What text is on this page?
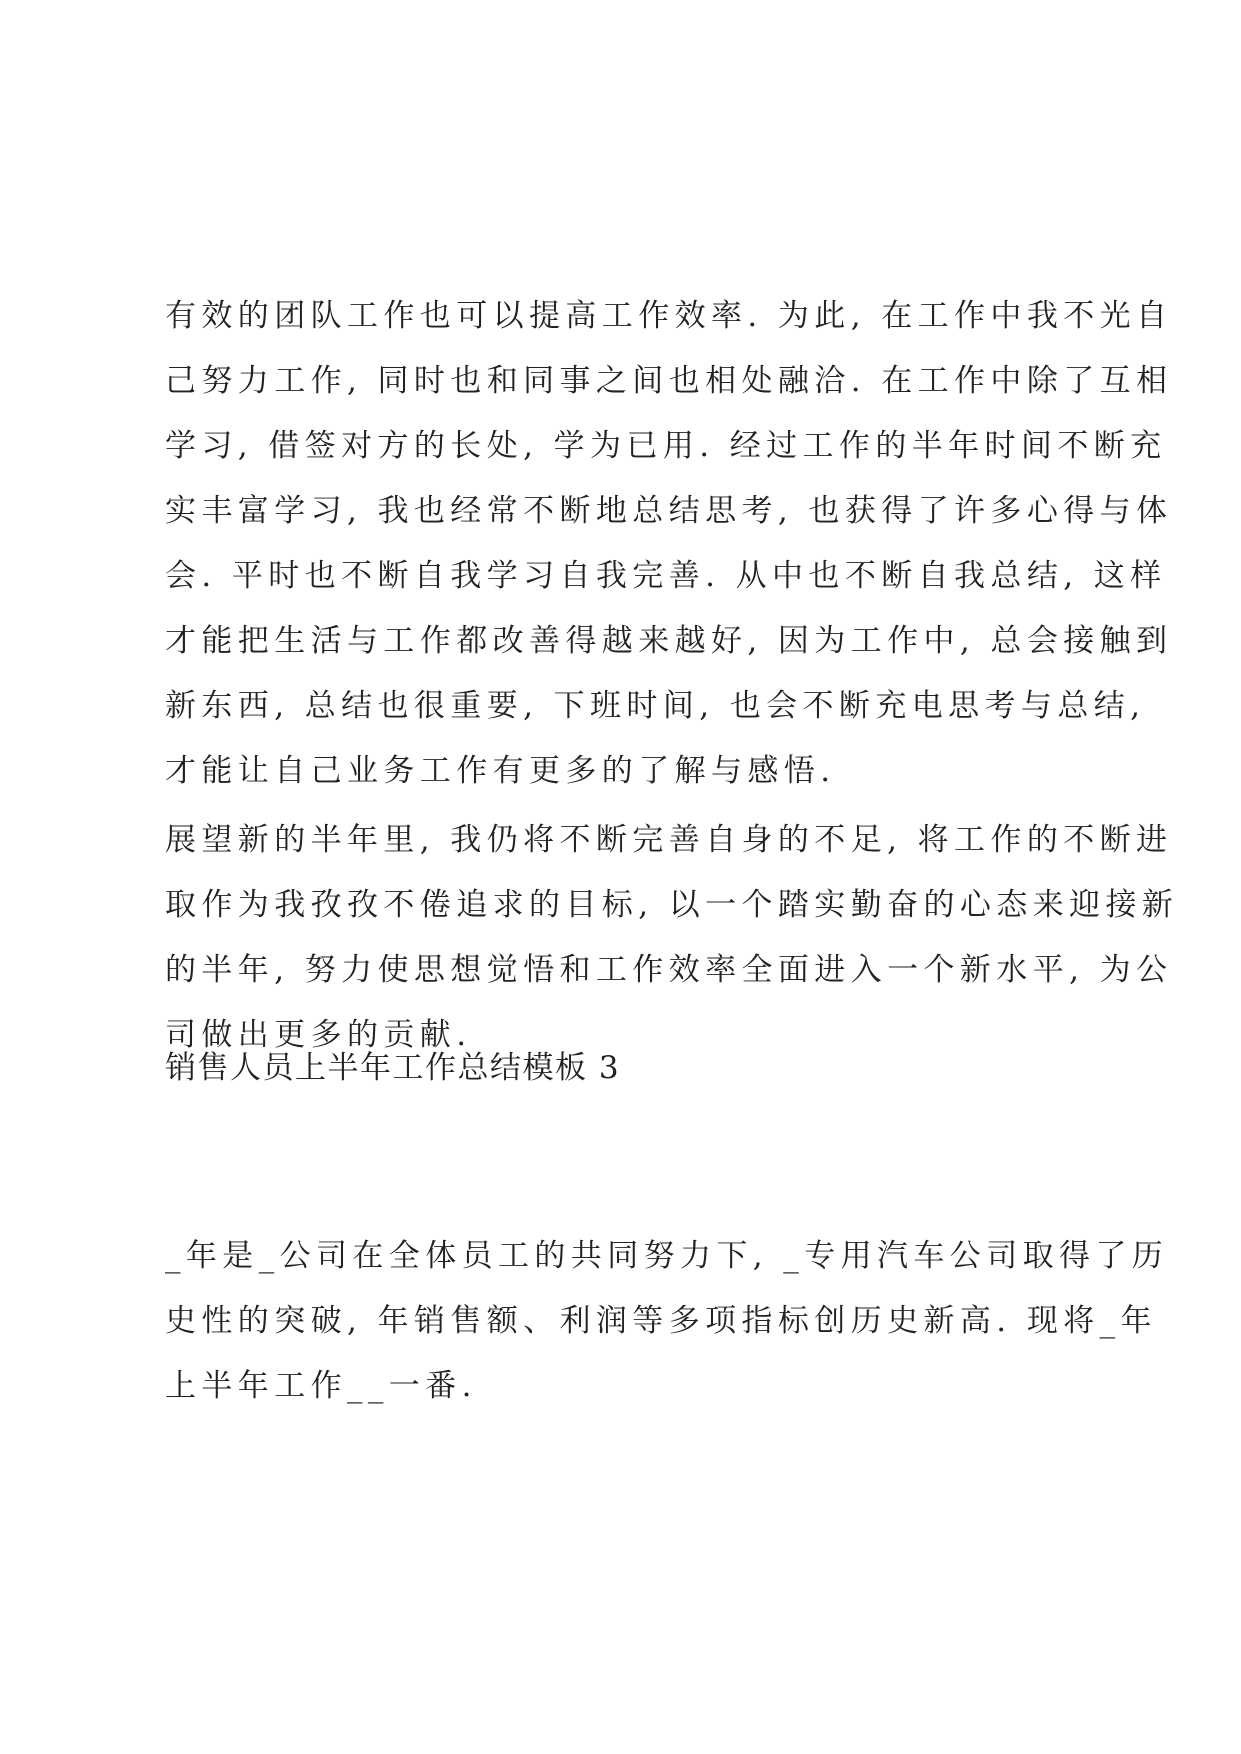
有效的团队工作也可以提高工作效率. 为此, 在工作中我不光自
己努力工作, 同时也和同事之间也相处融洽. 在工作中除了互相
学习, 借签对方的长处, 学为已用. 经过工作的半年时间不断充
实丰富学习, 我也经常不断地总结思考, 也获得了许多心得与体
会. 平时也不断自我学习自我完善. 从中也不断自我总结, 这样
才能把生活与工作都改善得越来越好, 因为工作中, 总会接触到
新东西, 总结也很重要, 下班时间, 也会不断充电思考与总结,
才能让自己业务工作有更多的了解与感悟.
展望新的半年里, 我仍将不断完善自身的不足, 将工作的不断进
取作为我孜孜不倦追求的目标, 以一个踏实勤奋的心态来迎接新
的半年, 努力使思想觉悟和工作效率全面进入一个新水平, 为公
司做出更多的贡献.
销售人员上半年工作总结模板 3
_年是_公司在全体员工的共同努力下, _专用汽车公司取得了历
史性的突破, 年销售额、利润等多项指标创历史新高. 现将_年
上半年工作__一番.
